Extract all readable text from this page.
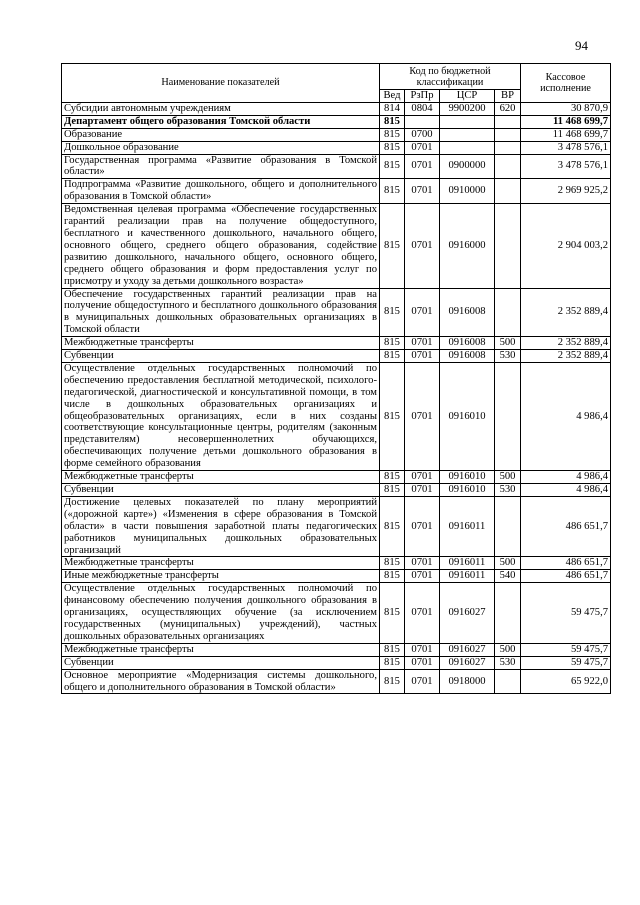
94
Наименование показателей	Код по бюджетной классификации				Кассовое исполнение
	Вед	РзПр	ЦСР	ВР	
Субсидии автономным учреждениям	814	0804	9900200	620	30 870,9
Департамент общего образования Томской области	815				11 468 699,7
Образование	815	0700			11 468 699,7
Дошкольное образование	815	0701			3 478 576,1
Государственная программа «Развитие образования в Томской области»	815	0701	0900000		3 478 576,1
Подпрограмма «Развитие дошкольного, общего и дополнительного образования в Томской области»	815	0701	0910000		2 969 925,2
Ведомственная целевая программа «Обеспечение государственных гарантий реализации прав на получение общедоступного, бесплатного и качественного дошкольного, начального общего, основного общего, среднего общего образования, содействие развитию дошкольного, начального общего, основного общего, среднего общего образования и форм предоставления услуг по присмотру и уходу за детьми дошкольного возраста»	815	0701	0916000		2 904 003,2
Обеспечение государственных гарантий реализации прав на получение общедоступного и бесплатного дошкольного образования в муниципальных дошкольных образовательных организациях в Томской области	815	0701	0916008		2 352 889,4
Межбюджетные трансферты	815	0701	0916008	500	2 352 889,4
Субвенции	815	0701	0916008	530	2 352 889,4
Осуществление отдельных государственных полномочий по обеспечению предоставления бесплатной методической, психолого-педагогической, диагностической и консультативной помощи, в том числе в дошкольных образовательных организациях и общеобразовательных организациях, если в них созданы соответствующие консультационные центры, родителям (законным представителям) несовершеннолетних обучающихся, обеспечивающих получение детьми дошкольного образования в форме семейного образования	815	0701	0916010		4 986,4
Межбюджетные трансферты	815	0701	0916010	500	4 986,4
Субвенции	815	0701	0916010	530	4 986,4
Достижение целевых показателей по плану мероприятий («дорожной карте») «Изменения в сфере образования в Томской области» в части повышения заработной платы педагогических работников муниципальных дошкольных образовательных организаций	815	0701	0916011		486 651,7
Межбюджетные трансферты	815	0701	0916011	500	486 651,7
Иные межбюджетные трансферты	815	0701	0916011	540	486 651,7
Осуществление отдельных государственных полномочий по финансовому обеспечению получения дошкольного образования в организациях, осуществляющих обучение (за исключением государственных (муниципальных) учреждений), частных дошкольных образовательных организациях	815	0701	0916027		59 475,7
Межбюджетные трансферты	815	0701	0916027	500	59 475,7
Субвенции	815	0701	0916027	530	59 475,7
Основное мероприятие «Модернизация системы дошкольного, общего и дополнительного образования в Томской области»	815	0701	0918000		65 922,0
